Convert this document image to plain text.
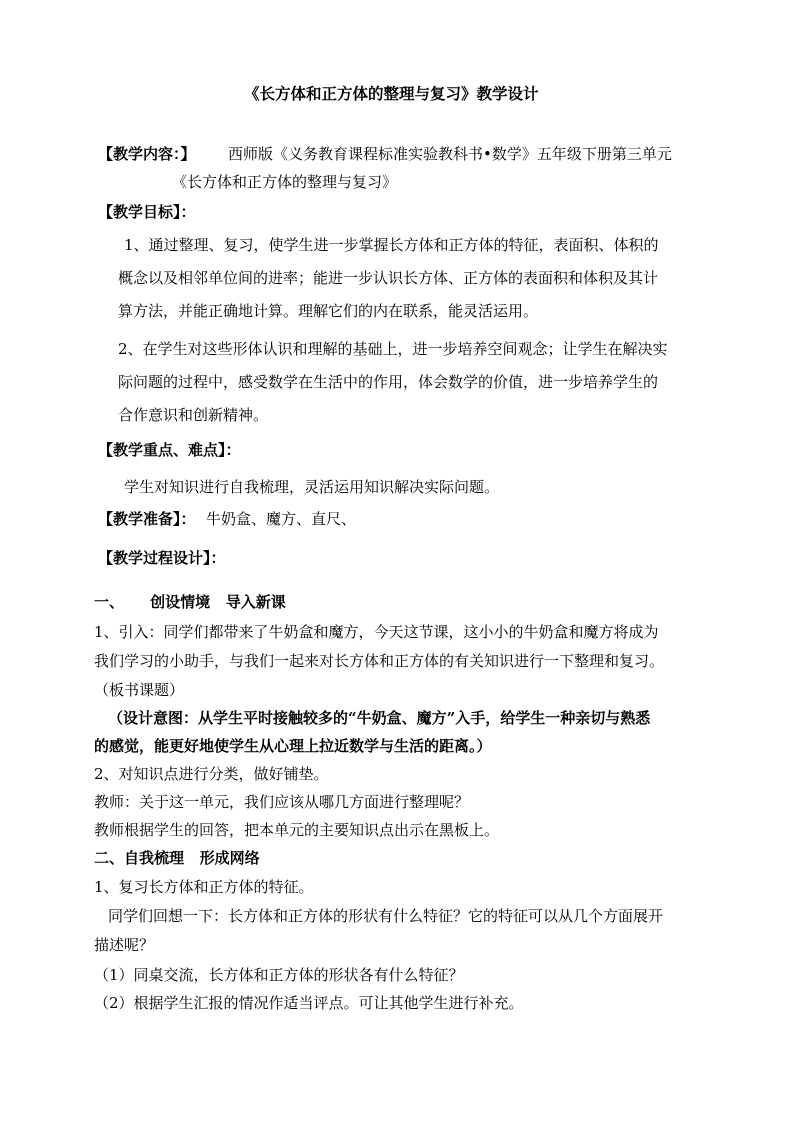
《长方体和正方体的整理与复习》教学设计
【教学内容：】 西师版《义务教育课程标准实验教科书•数学》五年级下册第三单元
《长方体和正方体的整理与复习》
【教学目标】：
1、通过整理、复习，使学生进一步掌握长方体和正方体的特征，表面积、体积的
概念以及相邻单位间的进率；能进一步认识长方体、正方体的表面积和体积及其计
算方法，并能正确地计算。理解它们的内在联系，能灵活运用。
2、在学生对这些形体认识和理解的基础上，进一步培养空间观念；让学生在解决实
际问题的过程中，感受数学在生活中的作用，体会数学的价值，进一步培养学生的
合作意识和创新精神。
【教学重点、难点】：
学生对知识进行自我梳理，灵活运用知识解决实际问题。
【教学准备】： 牛奶盒、魔方、直尺、
【教学过程设计】：
一、     创设情境   导入新课
1、引入：同学们都带来了牛奶盒和魔方，今天这节课，这小小的牛奶盒和魔方将成为
我们学习的小助手，与我们一起来对长方体和正方体的有关知识进行一下整理和复习。
（板书课题）
（设计意图：从学生平时接触较多的“牛奶盒、魔方”入手，给学生一种亲切与熟悉
的感觉，能更好地使学生从心理上拉近数学与生活的距离。）
2、对知识点进行分类，做好铺垫。
教师：关于这一单元，我们应该从哪几方面进行整理呢？
教师根据学生的回答，把本单元的主要知识点出示在黑板上。
二、自我梳理   形成网络
1、复习长方体和正方体的特征。
同学们回想一下：长方体和正方体的形状有什么特征？它的特征可以从几个方面展开
描述呢？
（1）同桌交流，长方体和正方体的形状各有什么特征？
（2）根据学生汇报的情况作适当评点。可让其他学生进行补充。
